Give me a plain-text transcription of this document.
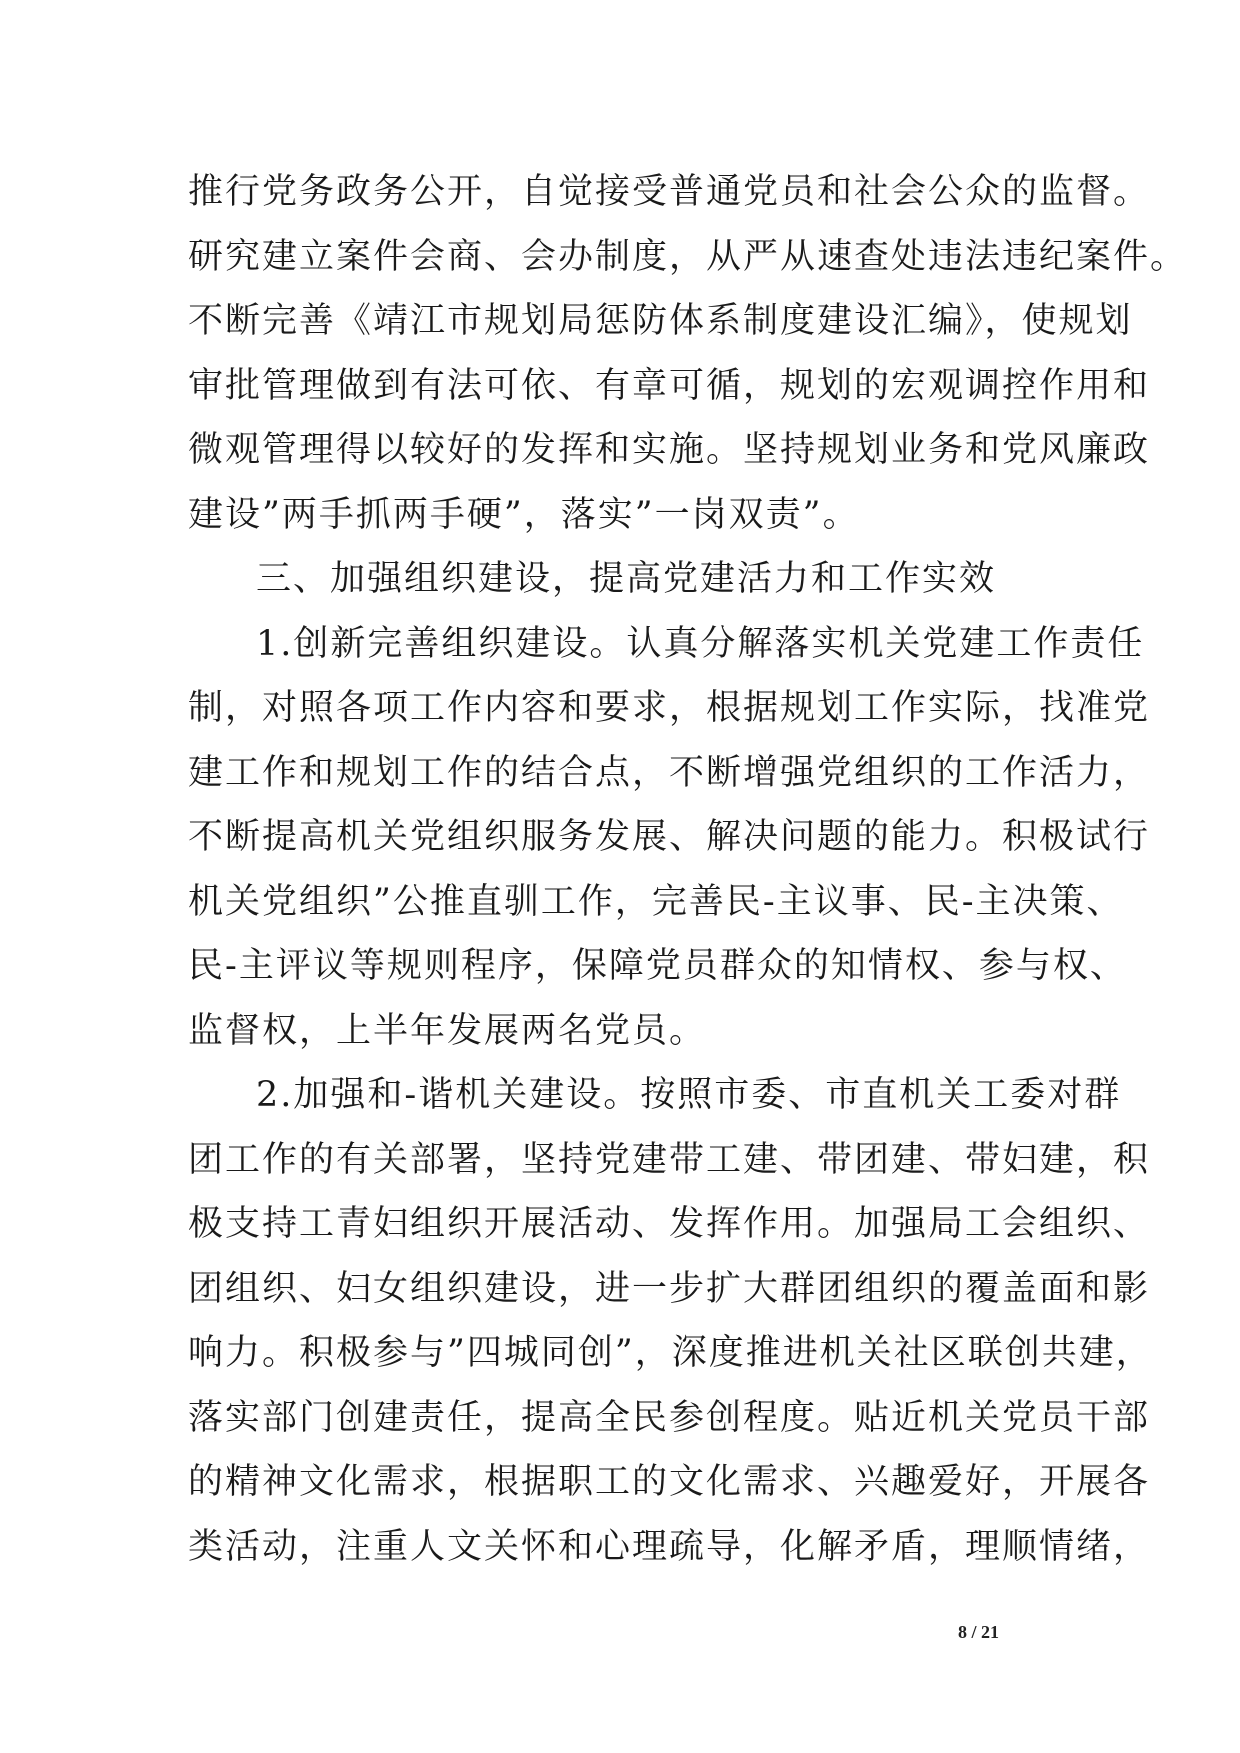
推行党务政务公开，自觉接受普通党员和社会公众的监督。
研究建立案件会商、会办制度，从严从速查处违法违纪案件。
不断完善《靖江市规划局惩防体系制度建设汇编》，使规划
审批管理做到有法可依、有章可循，规划的宏观调控作用和
微观管理得以较好的发挥和实施。坚持规划业务和党风廉政
建设”两手抓两手硬”，落实”一岗双责”。
三、加强组织建设，提高党建活力和工作实效
1.创新完善组织建设。认真分解落实机关党建工作责任
制，对照各项工作内容和要求，根据规划工作实际，找准党
建工作和规划工作的结合点，不断增强党组织的工作活力，
不断提高机关党组织服务发展、解决问题的能力。积极试行
机关党组织”公推直驯工作，完善民-主议事、民-主决策、
民-主评议等规则程序，保障党员群众的知情权、参与权、
监督权，上半年发展两名党员。
2.加强和-谐机关建设。按照市委、市直机关工委对群
团工作的有关部署，坚持党建带工建、带团建、带妇建，积
极支持工青妇组织开展活动、发挥作用。加强局工会组织、
团组织、妇女组织建设，进一步扩大群团组织的覆盖面和影
响力。积极参与”四城同创”，深度推进机关社区联创共建，
落实部门创建责任，提高全民参创程度。贴近机关党员干部
的精神文化需求，根据职工的文化需求、兴趣爱好，开展各
类活动，注重人文关怀和心理疏导，化解矛盾，理顺情绪，
8 / 21
